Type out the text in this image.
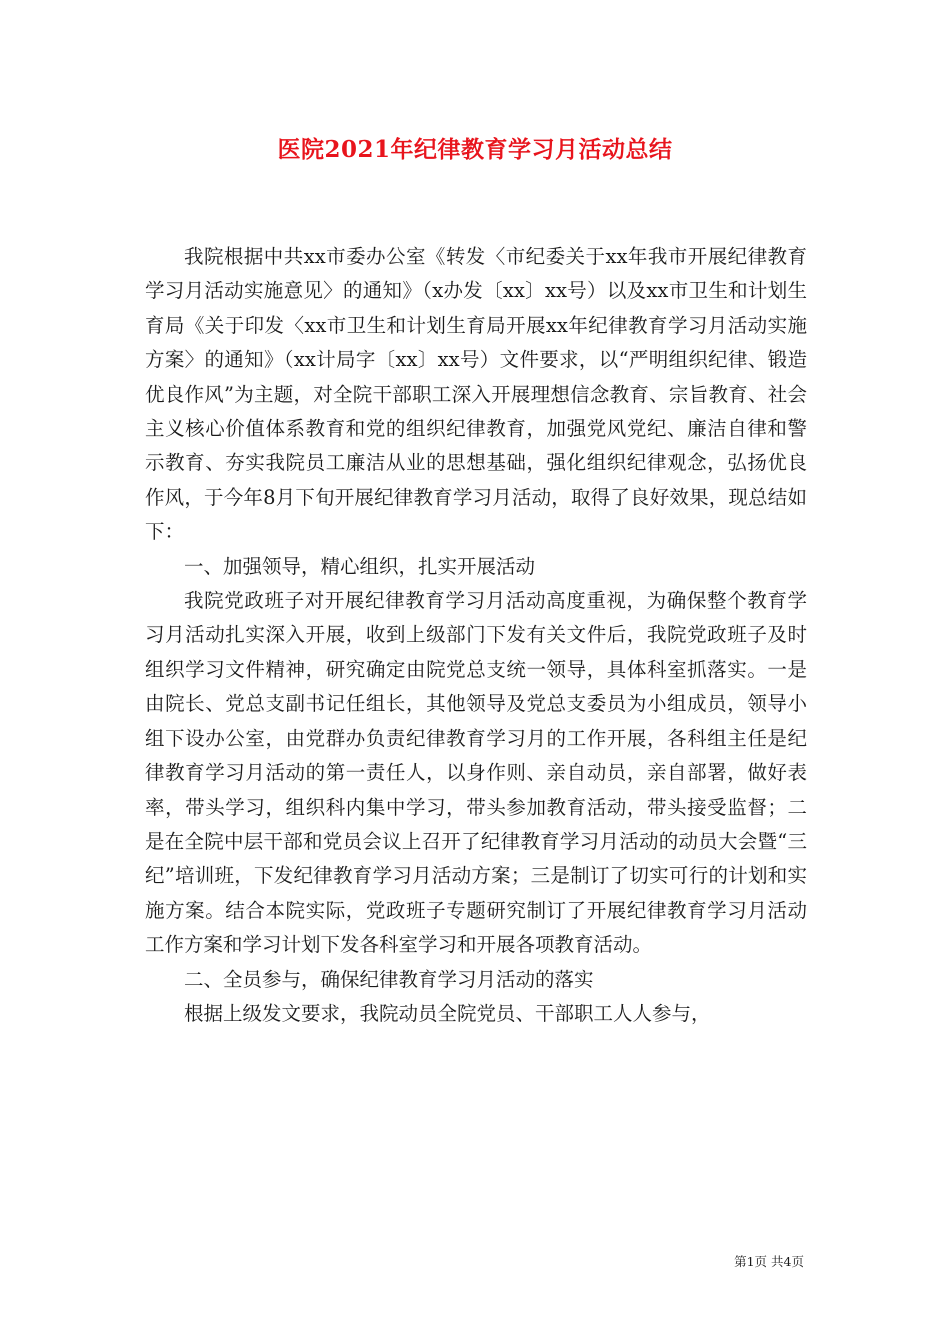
医院2021年纪律教育学习月活动总结

我院根据中共xx市委办公室《转发〈市纪委关于xx年我市开展纪律教育学习月活动实施意见〉的通知》（x办发〔xx〕xx号）以及xx市卫生和计划生育局《关于印发〈xx市卫生和计划生育局开展xx年纪律教育学习月活动实施方案〉的通知》（xx计局字〔xx〕xx号）文件要求，以“严明组织纪律、锻造优良作风”为主题，对全院干部职工深入开展理想信念教育、宗旨教育、社会主义核心价值体系教育和党的组织纪律教育，加强党风党纪、廉洁自律和警示教育、夯实我院员工廉洁从业的思想基础，强化组织纪律观念，弘扬优良作风，于今年8月下旬开展纪律教育学习月活动，取得了良好效果，现总结如下：

一、加强领导，精心组织，扎实开展活动

我院党政班子对开展纪律教育学习月活动高度重视，为确保整个教育学习月活动扎实深入开展，收到上级部门下发有关文件后，我院党政班子及时组织学习文件精神，研究确定由院党总支统一领导，具体科室抓落实。一是由院长、党总支副书记任组长，其他领导及党总支委员为小组成员，领导小组下设办公室，由党群办负责纪律教育学习月的工作开展，各科组主任是纪律教育学习月活动的第一责任人，以身作则、亲自动员，亲自部署，做好表率，带头学习，组织科内集中学习，带头参加教育活动，带头接受监督；二是在全院中层干部和党员会议上召开了纪律教育学习月活动的动员大会暨“三纪”培训班，下发纪律教育学习月活动方案；三是制订了切实可行的计划和实施方案。结合本院实际，党政班子专题研究制订了开展纪律教育学习月活动工作方案和学习计划下发各科室学习和开展各项教育活动。

二、全员参与，确保纪律教育学习月活动的落实

根据上级发文要求，我院动员全院党员、干部职工人人参与，

第1页 共4页
